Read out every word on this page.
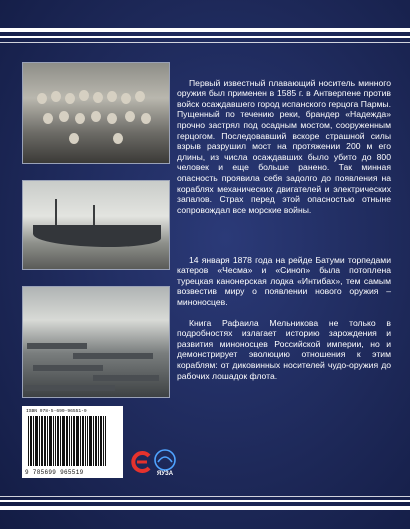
Первый известный плавающий носитель минного оружия был применен в 1585 г. в Антверпене против войск осаждавшего город испанского герцога Пармы. Пущенный по течению реки, брандер «Надежда» прочно застрял под осадным мостом, сооруженным герцогом. Последовавший вскоре страшной силы взрыв разрушил мост на протяжении 200 м его длины, из числа осаждавших было убито до 800 человек и еще больше ранено. Так минная опасность проявила себя задолго до появления на кораблях механических двигателей и электрических запалов. Страх перед этой опасностью отныне сопровождал все морские войны.

14 января 1878 года на рейде Батуми торпедами катеров «Чесма» и «Синоп» была потоплена турецкая канонерская лодка «Интибах», тем самым возвестив миру о появлении нового оружия – миноносцев.

Книга Рафаила Мельникова не только в подробностях излагает историю зарождения и развития миноносцев Российской империи, но и демонстрирует эволюцию отношения к этим кораблям: от диковинных носителей чудо-оружия до рабочих лошадок флота.

ISBN 978-5-699-96551-9
9 785699 965519	ЯУЗА
